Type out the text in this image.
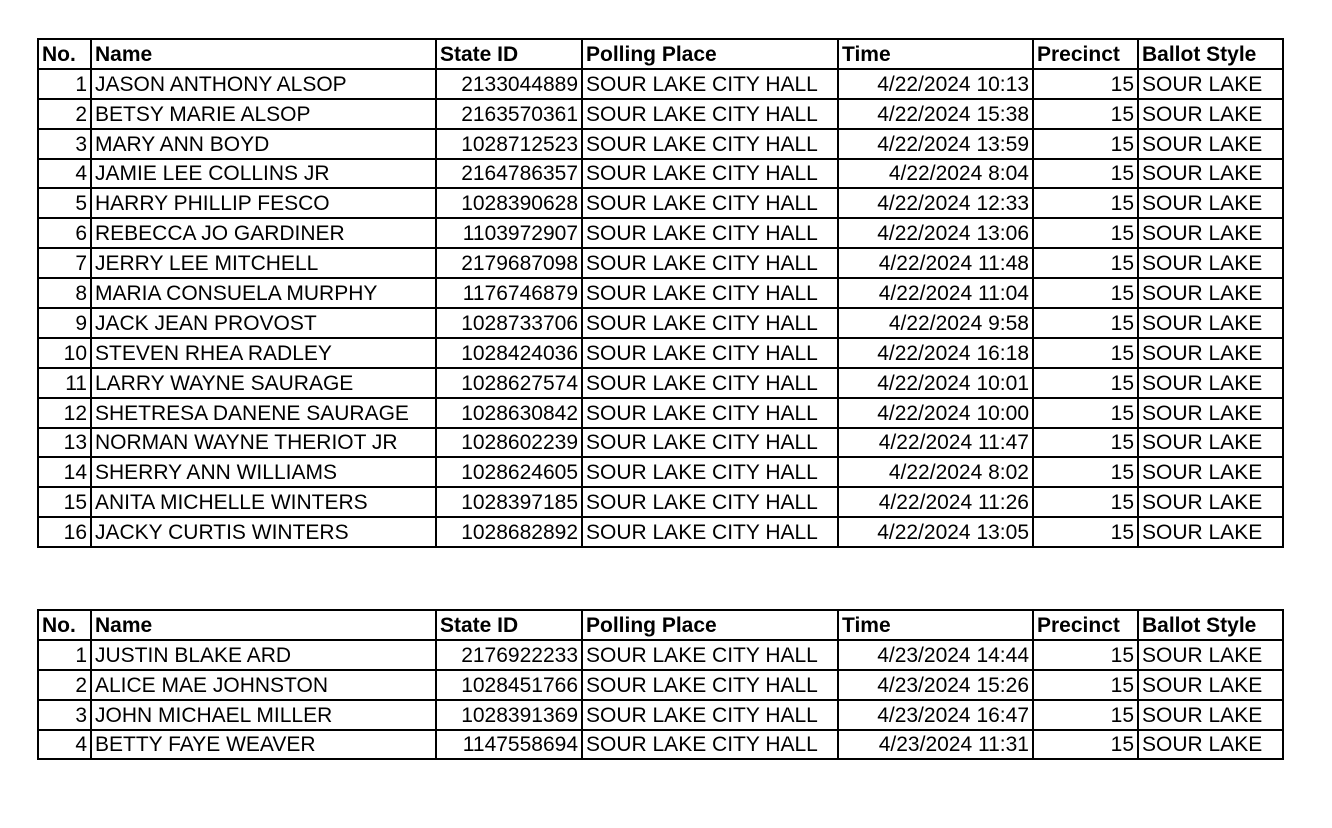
No.	Name	State ID	Polling Place	Time	Precinct	Ballot Style
1	JASON ANTHONY ALSOP	2133044889	SOUR LAKE CITY HALL	4/22/2024 10:13	15	SOUR LAKE
2	BETSY MARIE ALSOP	2163570361	SOUR LAKE CITY HALL	4/22/2024 15:38	15	SOUR LAKE
3	MARY ANN BOYD	1028712523	SOUR LAKE CITY HALL	4/22/2024 13:59	15	SOUR LAKE
4	JAMIE LEE COLLINS JR	2164786357	SOUR LAKE CITY HALL	4/22/2024 8:04	15	SOUR LAKE
5	HARRY PHILLIP FESCO	1028390628	SOUR LAKE CITY HALL	4/22/2024 12:33	15	SOUR LAKE
6	REBECCA JO GARDINER	1103972907	SOUR LAKE CITY HALL	4/22/2024 13:06	15	SOUR LAKE
7	JERRY LEE MITCHELL	2179687098	SOUR LAKE CITY HALL	4/22/2024 11:48	15	SOUR LAKE
8	MARIA CONSUELA MURPHY	1176746879	SOUR LAKE CITY HALL	4/22/2024 11:04	15	SOUR LAKE
9	JACK JEAN PROVOST	1028733706	SOUR LAKE CITY HALL	4/22/2024 9:58	15	SOUR LAKE
10	STEVEN RHEA RADLEY	1028424036	SOUR LAKE CITY HALL	4/22/2024 16:18	15	SOUR LAKE
11	LARRY WAYNE SAURAGE	1028627574	SOUR LAKE CITY HALL	4/22/2024 10:01	15	SOUR LAKE
12	SHETRESA DANENE SAURAGE	1028630842	SOUR LAKE CITY HALL	4/22/2024 10:00	15	SOUR LAKE
13	NORMAN WAYNE THERIOT JR	1028602239	SOUR LAKE CITY HALL	4/22/2024 11:47	15	SOUR LAKE
14	SHERRY ANN WILLIAMS	1028624605	SOUR LAKE CITY HALL	4/22/2024 8:02	15	SOUR LAKE
15	ANITA MICHELLE WINTERS	1028397185	SOUR LAKE CITY HALL	4/22/2024 11:26	15	SOUR LAKE
16	JACKY CURTIS WINTERS	1028682892	SOUR LAKE CITY HALL	4/22/2024 13:05	15	SOUR LAKE
No.	Name	State ID	Polling Place	Time	Precinct	Ballot Style
1	JUSTIN BLAKE ARD	2176922233	SOUR LAKE CITY HALL	4/23/2024 14:44	15	SOUR LAKE
2	ALICE MAE JOHNSTON	1028451766	SOUR LAKE CITY HALL	4/23/2024 15:26	15	SOUR LAKE
3	JOHN MICHAEL MILLER	1028391369	SOUR LAKE CITY HALL	4/23/2024 16:47	15	SOUR LAKE
4	BETTY FAYE WEAVER	1147558694	SOUR LAKE CITY HALL	4/23/2024 11:31	15	SOUR LAKE
